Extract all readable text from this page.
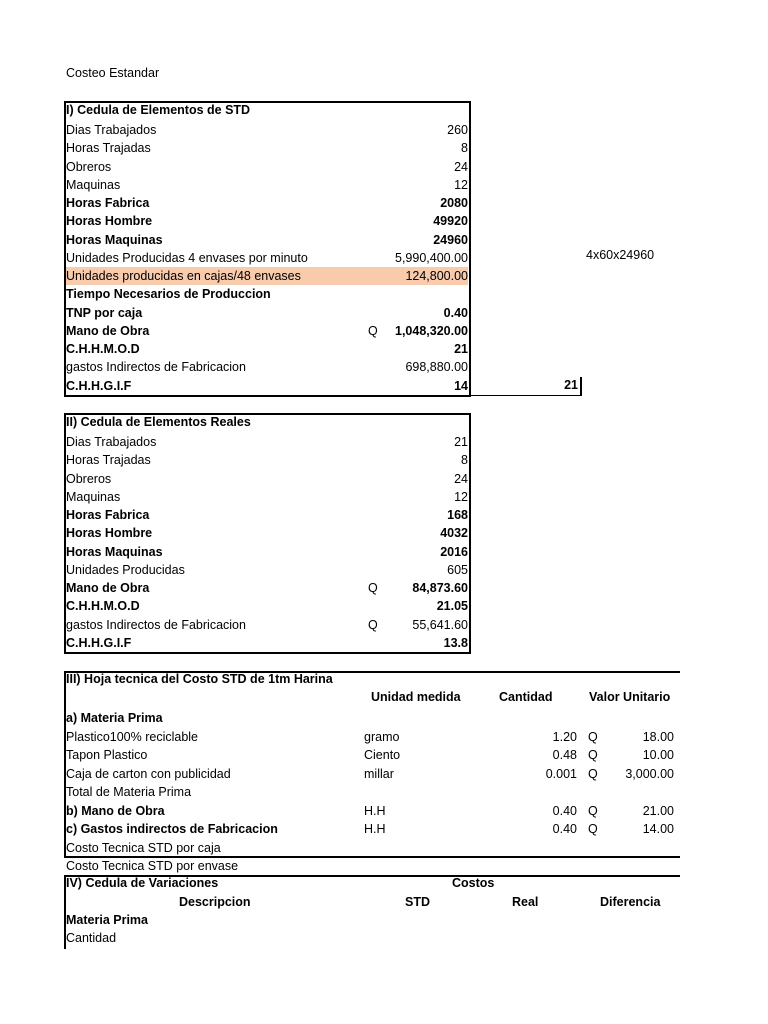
Costeo Estandar
I) Cedula de Elementos de STD
Dias Trabajados	260
Horas Trajadas	8
Obreros	24
Maquinas	12
Horas Fabrica	2080
Horas Hombre	49920
Horas Maquinas	24960
Unidades Producidas 4 envases por minuto	5,990,400.00
Unidades producidas en cajas/48 envases	124,800.00
Tiempo Necesarios de Produccion
TNP por caja	0.40
Mano de Obra	Q 1,048,320.00
C.H.H.M.O.D	21
gastos Indirectos de Fabricacion	698,880.00
C.H.H.G.I.F	14
4x60x24960
21
II) Cedula de Elementos Reales
Dias Trabajados	21
Horas Trajadas	8
Obreros	24
Maquinas	12
Horas Fabrica	168
Horas Hombre	4032
Horas Maquinas	2016
Unidades Producidas	605
Mano de Obra	Q	84,873.60
C.H.H.M.O.D	21.05
gastos Indirectos de Fabricacion	Q	55,641.60
C.H.H.G.I.F	13.8
III) Hoja tecnica del Costo STD de 1tm Harina
Unidad medida	Cantidad	Valor Unitario
a) Materia Prima
Plastico100% reciclable	gramo	1.20 Q	18.00
Tapon Plastico	Ciento	0.48 Q	10.00
Caja de carton con publicidad	millar	0.001 Q	3,000.00
Total de Materia Prima
b) Mano de Obra	H.H	0.40 Q	21.00
c) Gastos indirectos de Fabricacion	H.H	0.40 Q	14.00
Costo Tecnica STD por caja
Costo Tecnica STD por envase
IV) Cedula de Variaciones	Costos
Descripcion	STD	Real	Diferencia
Materia Prima
Cantidad
